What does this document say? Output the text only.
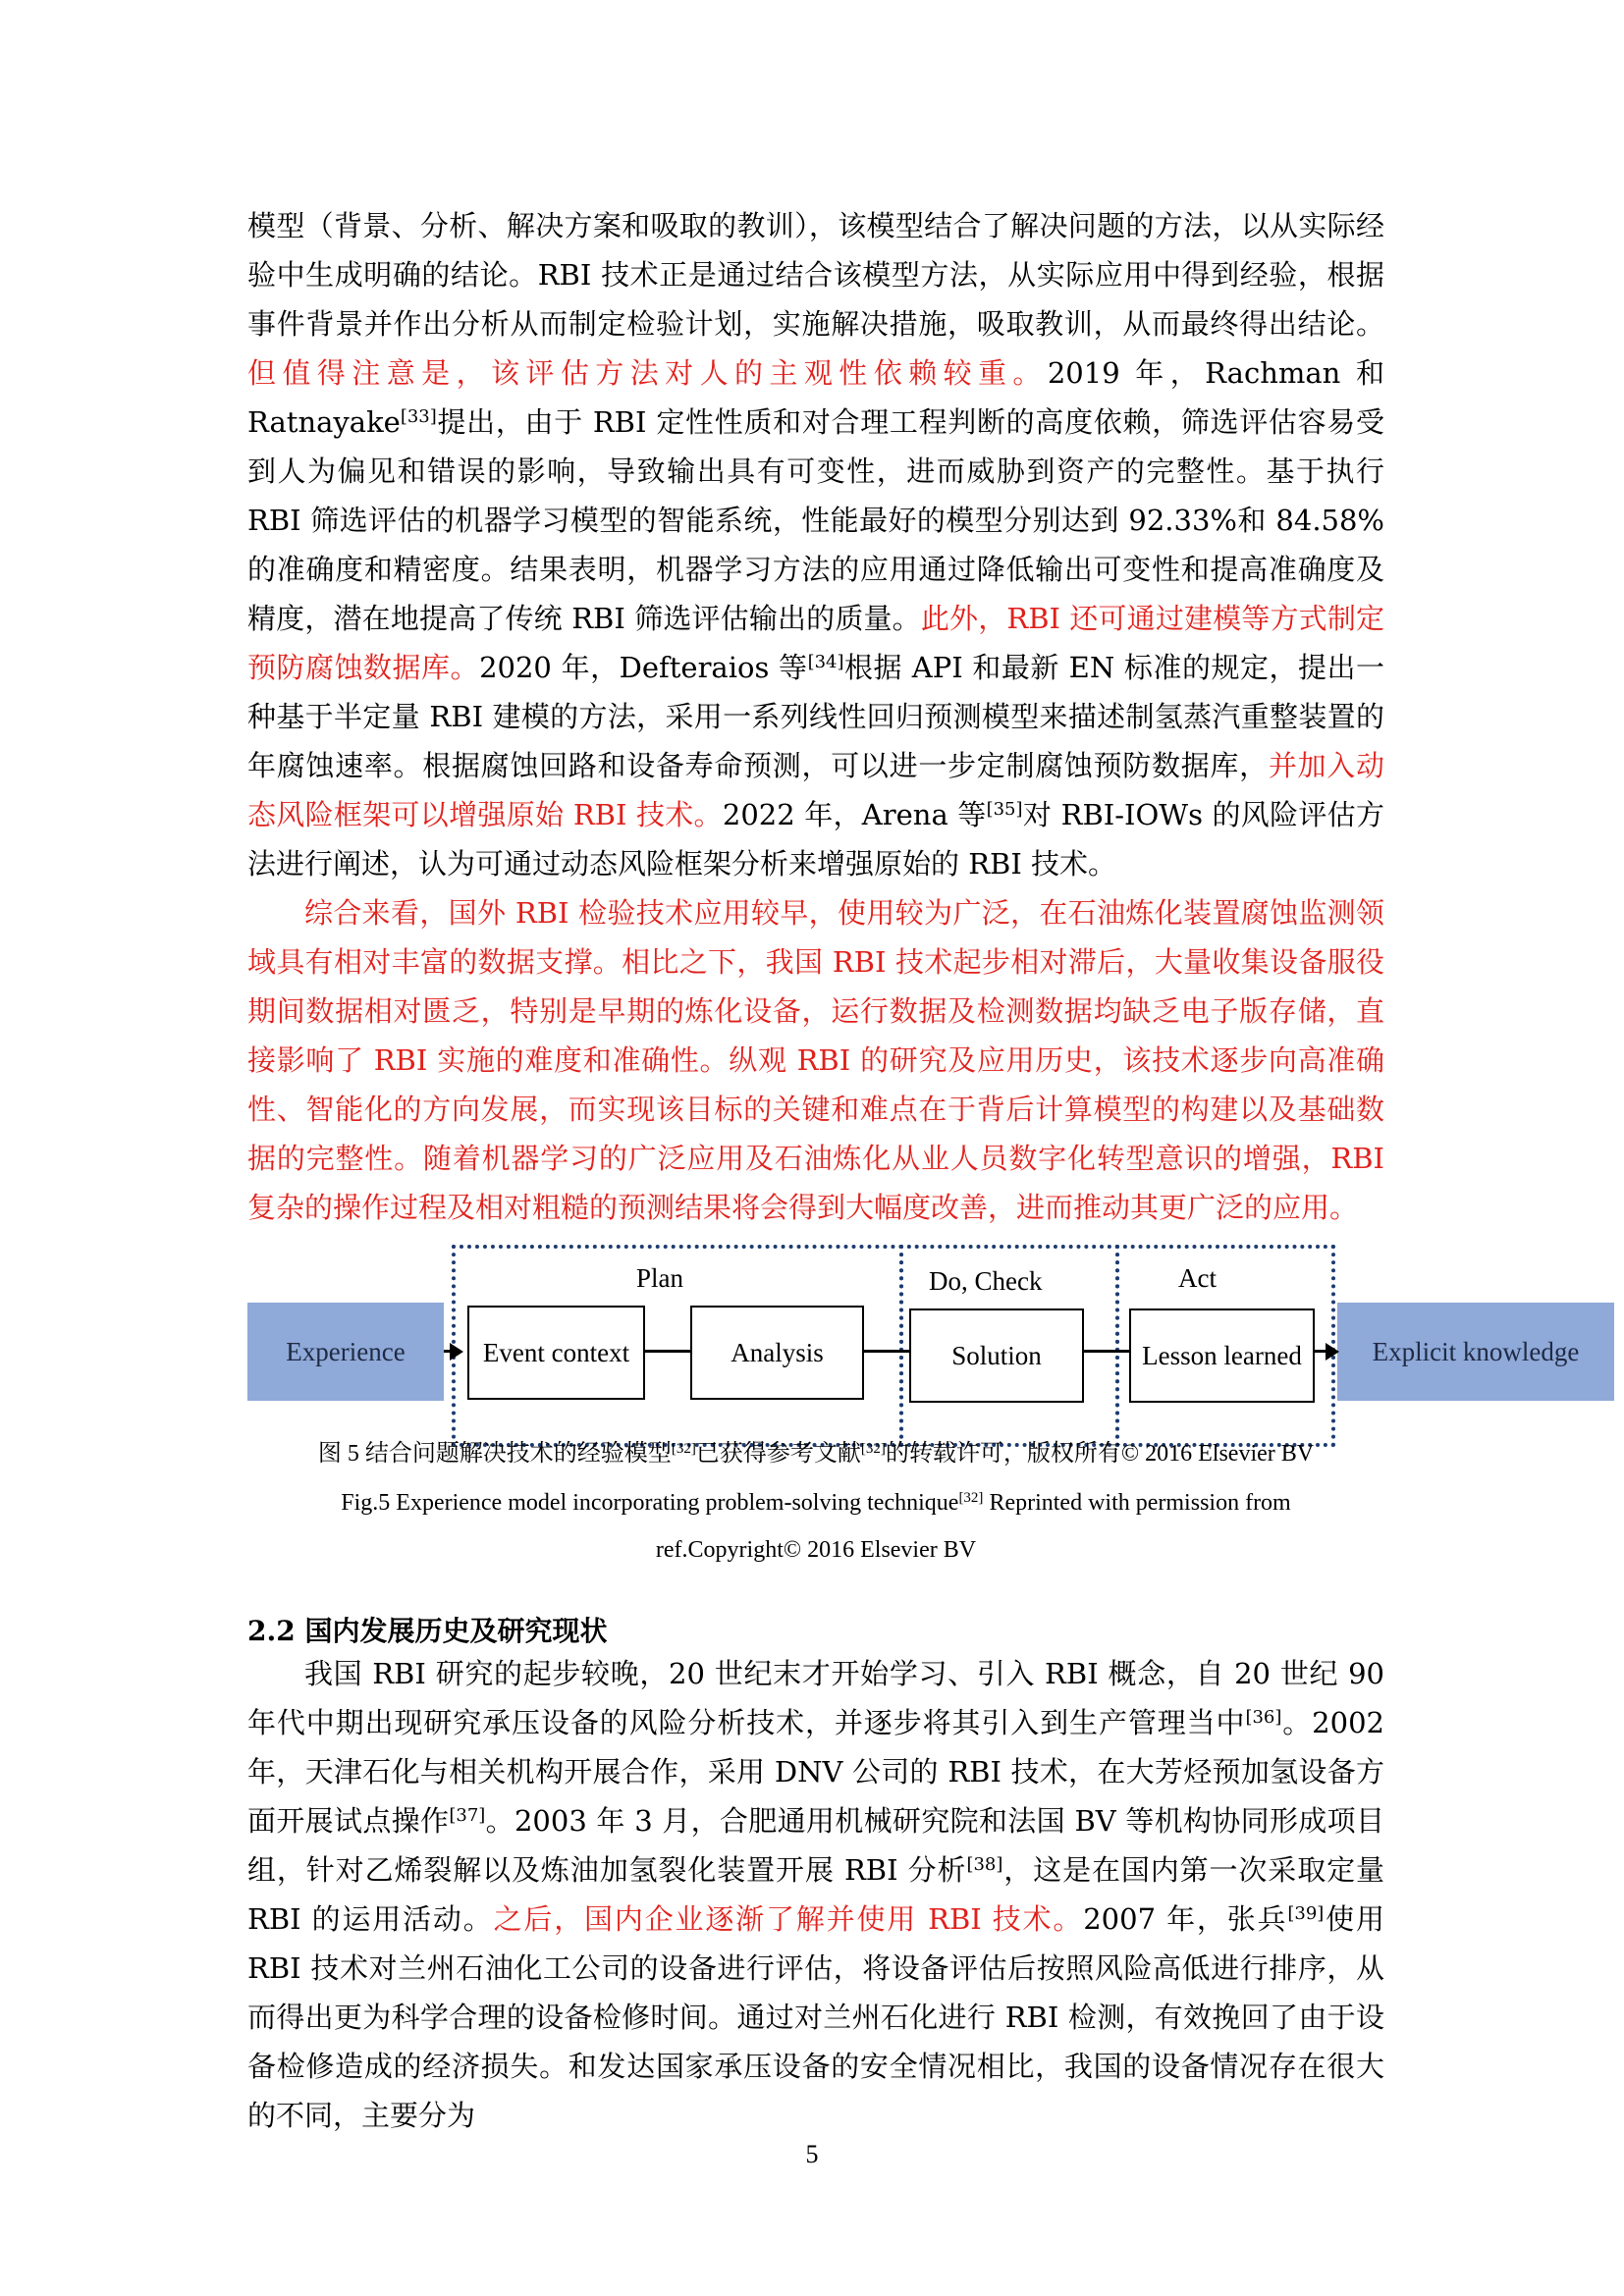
模型（背景、分析、解决方案和吸取的教训），该模型结合了解决问题的方法，以从实际经验中生成明确的结论。RBI 技术正是通过结合该模型方法，从实际应用中得到经验，根据事件背景并作出分析从而制定检验计划，实施解决措施，吸取教训，从而最终得出结论。但值得注意是，该评估方法对人的主观性依赖较重。2019 年，Rachman 和 Ratnayake[33]提出，由于 RBI 定性性质和对合理工程判断的高度依赖，筛选评估容易受到人为偏见和错误的影响，导致输出具有可变性，进而威胁到资产的完整性。基于执行 RBI 筛选评估的机器学习模型的智能系统，性能最好的模型分别达到 92.33%和 84.58%的准确度和精密度。结果表明，机器学习方法的应用通过降低输出可变性和提高准确度及精度，潜在地提高了传统 RBI 筛选评估输出的质量。此外，RBI 还可通过建模等方式制定预防腐蚀数据库。2020 年，Defteraios 等[34]根据 API 和最新 EN 标准的规定，提出一种基于半定量 RBI 建模的方法，采用一系列线性回归预测模型来描述制氢蒸汽重整装置的年腐蚀速率。根据腐蚀回路和设备寿命预测，可以进一步定制腐蚀预防数据库，并加入动态风险框架可以增强原始 RBI 技术。2022 年，Arena 等[35]对 RBI-IOWs 的风险评估方法进行阐述，认为可通过动态风险框架分析来增强原始的 RBI 技术。

综合来看，国外 RBI 检验技术应用较早，使用较为广泛，在石油炼化装置腐蚀监测领域具有相对丰富的数据支撑。相比之下，我国 RBI 技术起步相对滞后，大量收集设备服役期间数据相对匮乏，特别是早期的炼化设备，运行数据及检测数据均缺乏电子版存储，直接影响了 RBI 实施的难度和准确性。纵观 RBI 的研究及应用历史，该技术逐步向高准确性、智能化的方向发展，而实现该目标的关键和难点在于背后计算模型的构建以及基础数据的完整性。随着机器学习的广泛应用及石油炼化从业人员数字化转型意识的增强，RBI 复杂的操作过程及相对粗糙的预测结果将会得到大幅度改善，进而推动其更广泛的应用。

我国 RBI 研究的起步较晚，20 世纪末才开始学习、引入 RBI 概念，自 20 世纪 90 年代中期出现研究承压设备的风险分析技术，并逐步将其引入到生产管理当中[36]。2002 年，天津石化与相关机构开展合作，采用 DNV 公司的 RBI 技术，在大芳烃预加氢设备方面开展试点操作[37]。2003 年 3 月，合肥通用机械研究院和法国 BV 等机构协同形成项目组，针对乙烯裂解以及炼油加氢裂化装置开展 RBI 分析[38]，这是在国内第一次采取定量 RBI 的运用活动。之后，国内企业逐渐了解并使用 RBI 技术。2007 年，张兵[39]使用 RBI 技术对兰州石油化工公司的设备进行评估，将设备评估后按照风险高低进行排序，从而得出更为科学合理的设备检修时间。通过对兰州石化进行 RBI 检测，有效挽回了由于设备检修造成的经济损失。和发达国家承压设备的安全情况相比，我国的设备情况存在很大的不同，主要分为

Experience	Explicit knowledge
Plan	Do, Check	Act
Event context	Analysis	Solution	Lesson learned
图 5 结合问题解决技术的经验模型[32]已获得参考文献[32]的转载许可，版权所有© 2016 Elsevier BV
Fig.5 Experience model incorporating problem-solving technique[32] Reprinted with permission from
ref.Copyright© 2016 Elsevier BV
2.2 国内发展历史及研究现状
5
